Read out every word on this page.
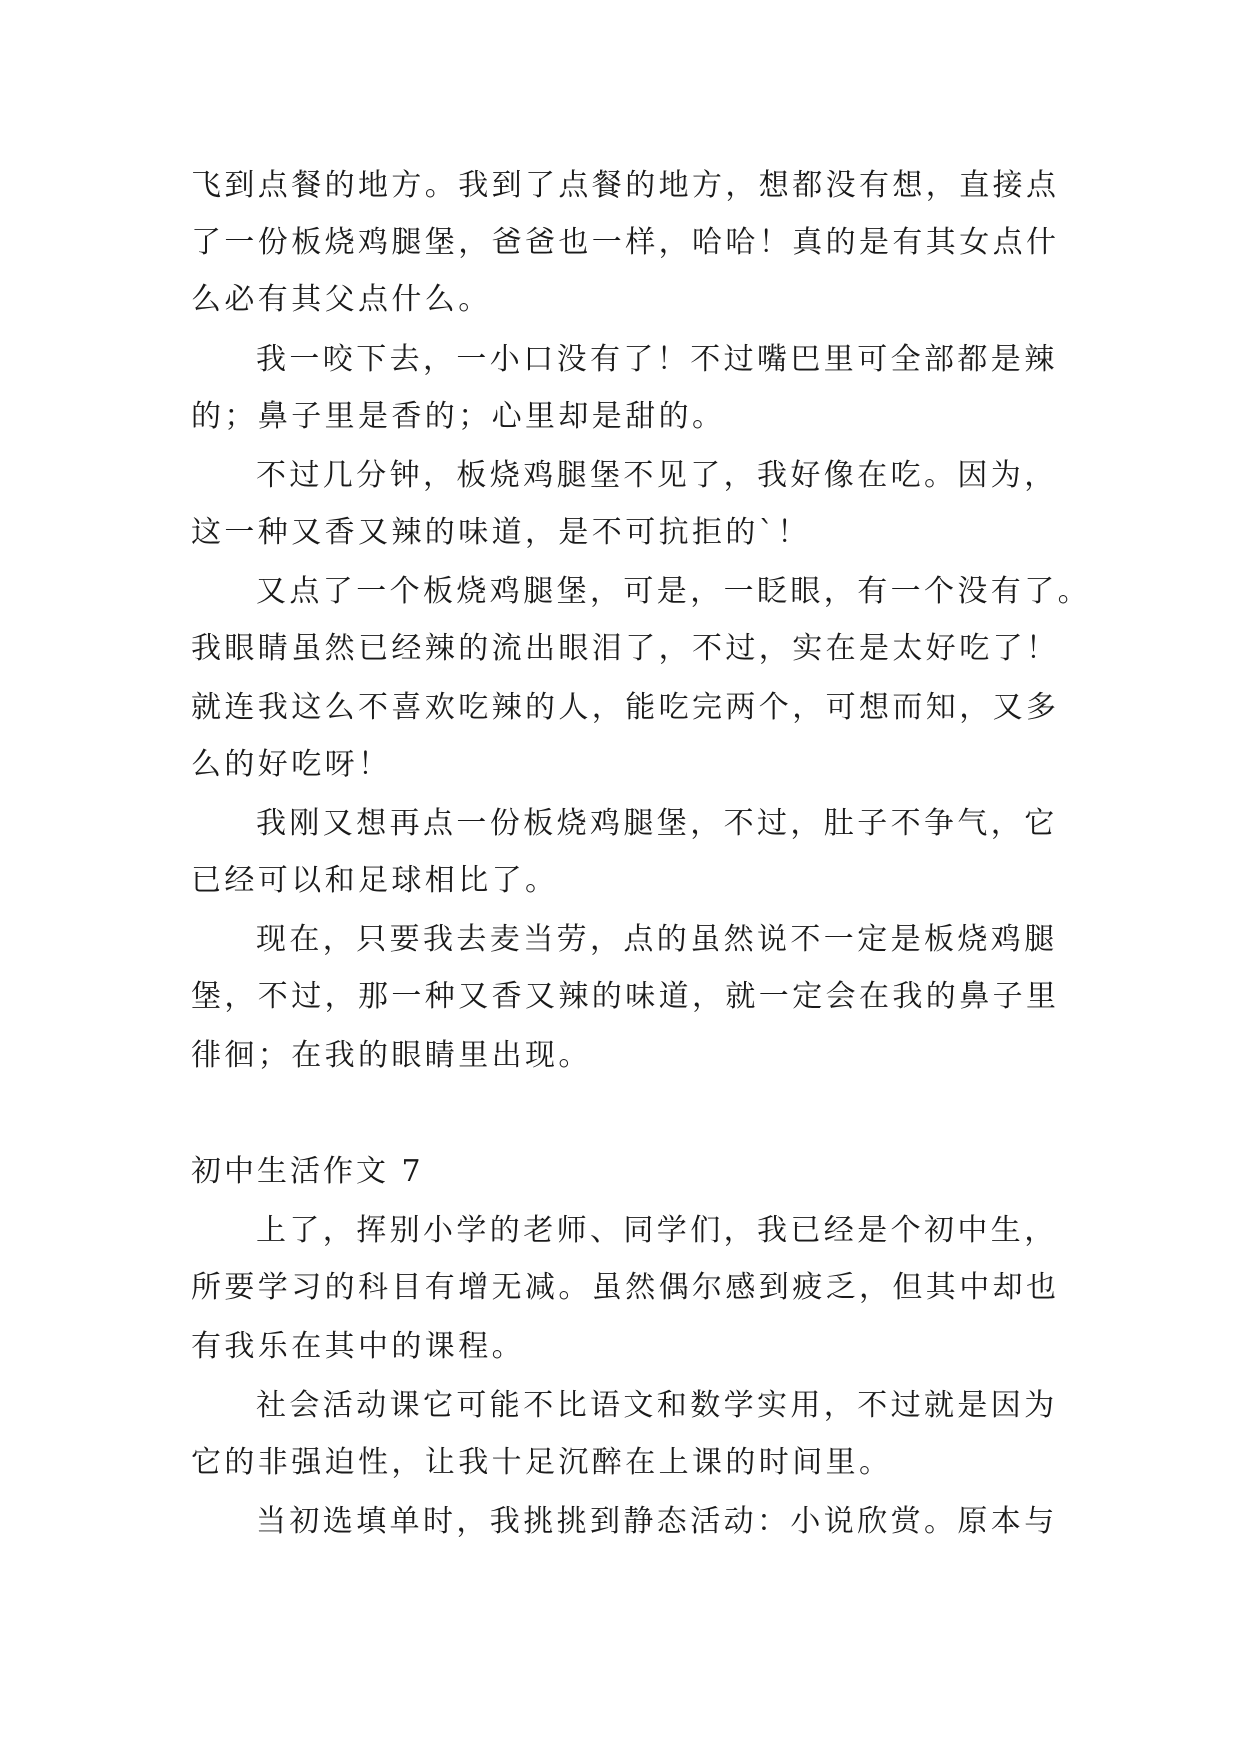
飞到点餐的地方。我到了点餐的地方，想都没有想，直接点
了一份板烧鸡腿堡，爸爸也一样，哈哈！真的是有其女点什
么必有其父点什么。
我一咬下去，一小口没有了！不过嘴巴里可全部都是辣
的；鼻子里是香的；心里却是甜的。
不过几分钟，板烧鸡腿堡不见了，我好像在吃。因为，
这一种又香又辣的味道，是不可抗拒的`！
又点了一个板烧鸡腿堡，可是，一眨眼，有一个没有了。
我眼睛虽然已经辣的流出眼泪了，不过，实在是太好吃了！
就连我这么不喜欢吃辣的人，能吃完两个，可想而知，又多
么的好吃呀！
我刚又想再点一份板烧鸡腿堡，不过，肚子不争气，它
已经可以和足球相比了。
现在，只要我去麦当劳，点的虽然说不一定是板烧鸡腿
堡，不过，那一种又香又辣的味道，就一定会在我的鼻子里
徘徊；在我的眼睛里出现。
初中生活作文 7
上了，挥别小学的老师、同学们，我已经是个初中生，
所要学习的科目有增无减。虽然偶尔感到疲乏，但其中却也
有我乐在其中的课程。
社会活动课它可能不比语文和数学实用，不过就是因为
它的非强迫性，让我十足沉醉在上课的时间里。
当初选填单时，我挑挑到静态活动：小说欣赏。原本与
